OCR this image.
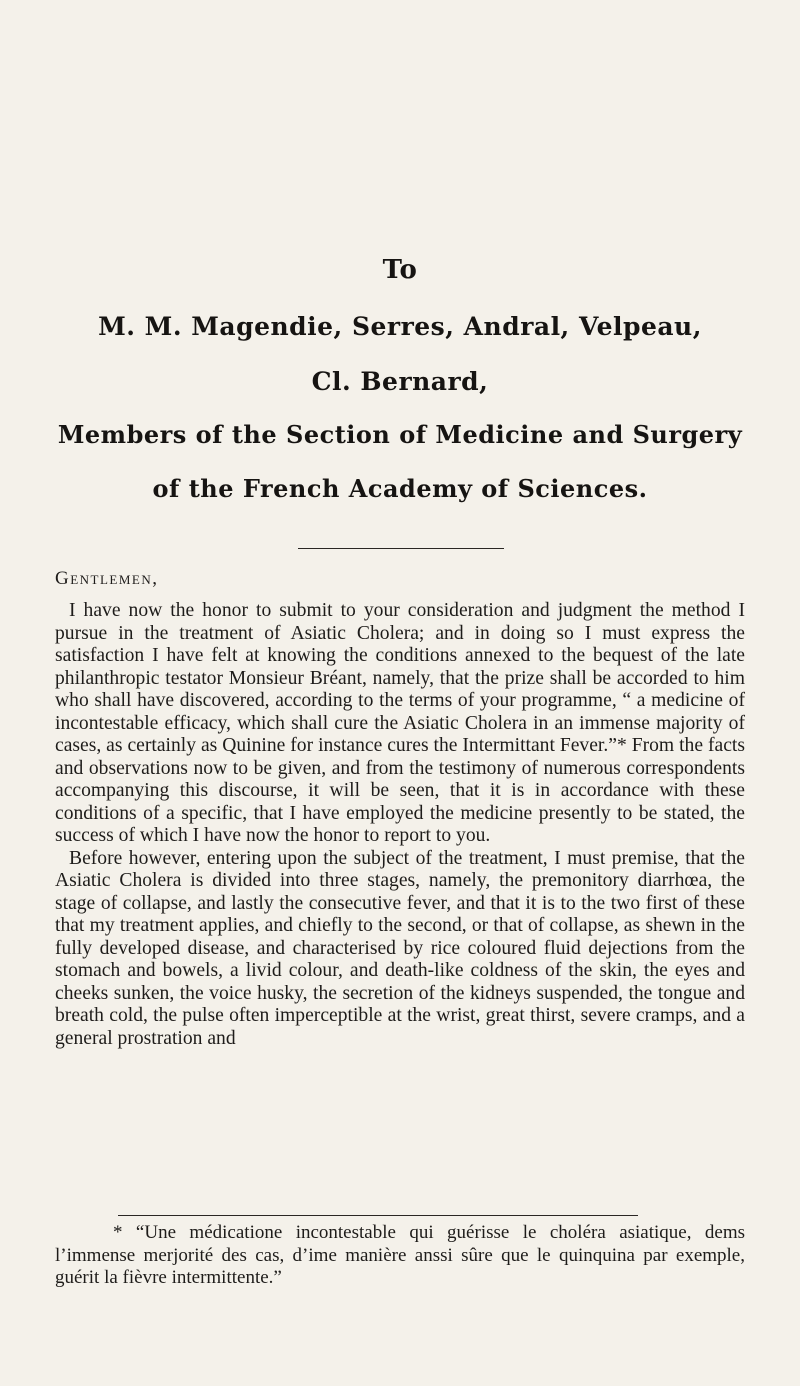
To
M. M. Magendie, Serres, Andral, Velpeau,
Cl. Bernard,
Members of the Section of Medicine and Surgery
of the French Academy of Sciences.
Gentlemen,

I have now the honor to submit to your consideration and judgment the method I pursue in the treatment of Asiatic Cholera; and in doing so I must express the satisfaction I have felt at knowing the conditions annexed to the bequest of the late philanthropic testator Monsieur Bréant, namely, that the prize shall be accorded to him who shall have discovered, according to the terms of your programme, “ a medicine of incontestable efficacy, which shall cure the Asiatic Cholera in an immense majority of cases, as certainly as Quinine for instance cures the Intermittant Fever.”* From the facts and observations now to be given, and from the testimony of numerous correspondents accompanying this discourse, it will be seen, that it is in accordance with these conditions of a specific, that I have employed the medicine presently to be stated, the success of which I have now the honor to report to you.

Before however, entering upon the subject of the treatment, I must premise, that the Asiatic Cholera is divided into three stages, namely, the premonitory diarrhœa, the stage of collapse, and lastly the consecutive fever, and that it is to the two first of these that my treatment applies, and chiefly to the second, or that of collapse, as shewn in the fully developed disease, and characterised by rice coloured fluid dejections from the stomach and bowels, a livid colour, and death-like coldness of the skin, the eyes and cheeks sunken, the voice husky, the secretion of the kidneys suspended, the tongue and breath cold, the pulse often imperceptible at the wrist, great thirst, severe cramps, and a general prostration and

* “Une médicatione incontestable qui guérisse le choléra asiatique, dems l’immense merjorité des cas, d’ime manière anssi sûre que le quinquina par exemple, guérit la fièvre intermittente.”
